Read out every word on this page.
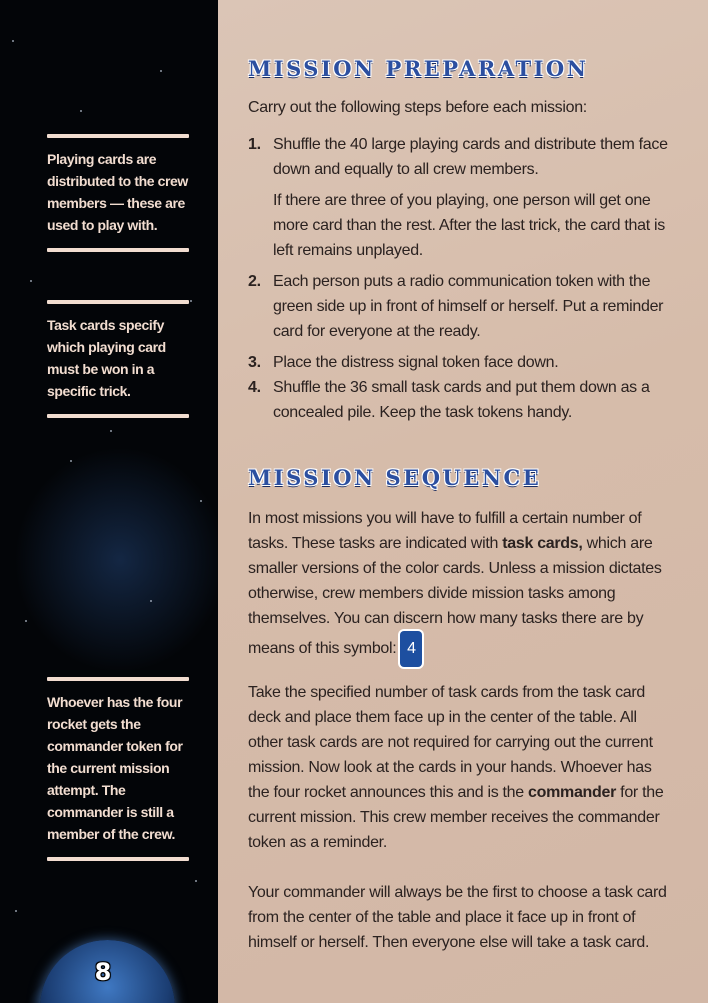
Playing cards are distributed to the crew members — these are used to play with.
Task cards specify which playing card must be won in a specific trick.
Whoever has the four rocket gets the commander token for the current mission attempt. The commander is still a member of the crew.
8
MISSION PREPARATION
Carry out the following steps before each mission:
1. Shuffle the 40 large playing cards and distribute them face down and equally to all crew members.
If there are three of you playing, one person will get one more card than the rest. After the last trick, the card that is left remains unplayed.
2. Each person puts a radio communication token with the green side up in front of himself or herself. Put a reminder card for everyone at the ready.
3. Place the distress signal token face down.
4. Shuffle the 36 small task cards and put them down as a concealed pile. Keep the task tokens handy.
MISSION SEQUENCE
In most missions you will have to fulfill a certain number of tasks. These tasks are indicated with task cards, which are smaller versions of the color cards. Unless a mission dictates otherwise, crew members divide mission tasks among themselves. You can discern how many tasks there are by means of this symbol: 4
Take the specified number of task cards from the task card deck and place them face up in the center of the table. All other task cards are not required for carrying out the current mission. Now look at the cards in your hands. Whoever has the four rocket announces this and is the commander for the current mission. This crew member receives the commander token as a reminder.
Your commander will always be the first to choose a task card from the center of the table and place it face up in front of himself or herself. Then everyone else will take a task card.
